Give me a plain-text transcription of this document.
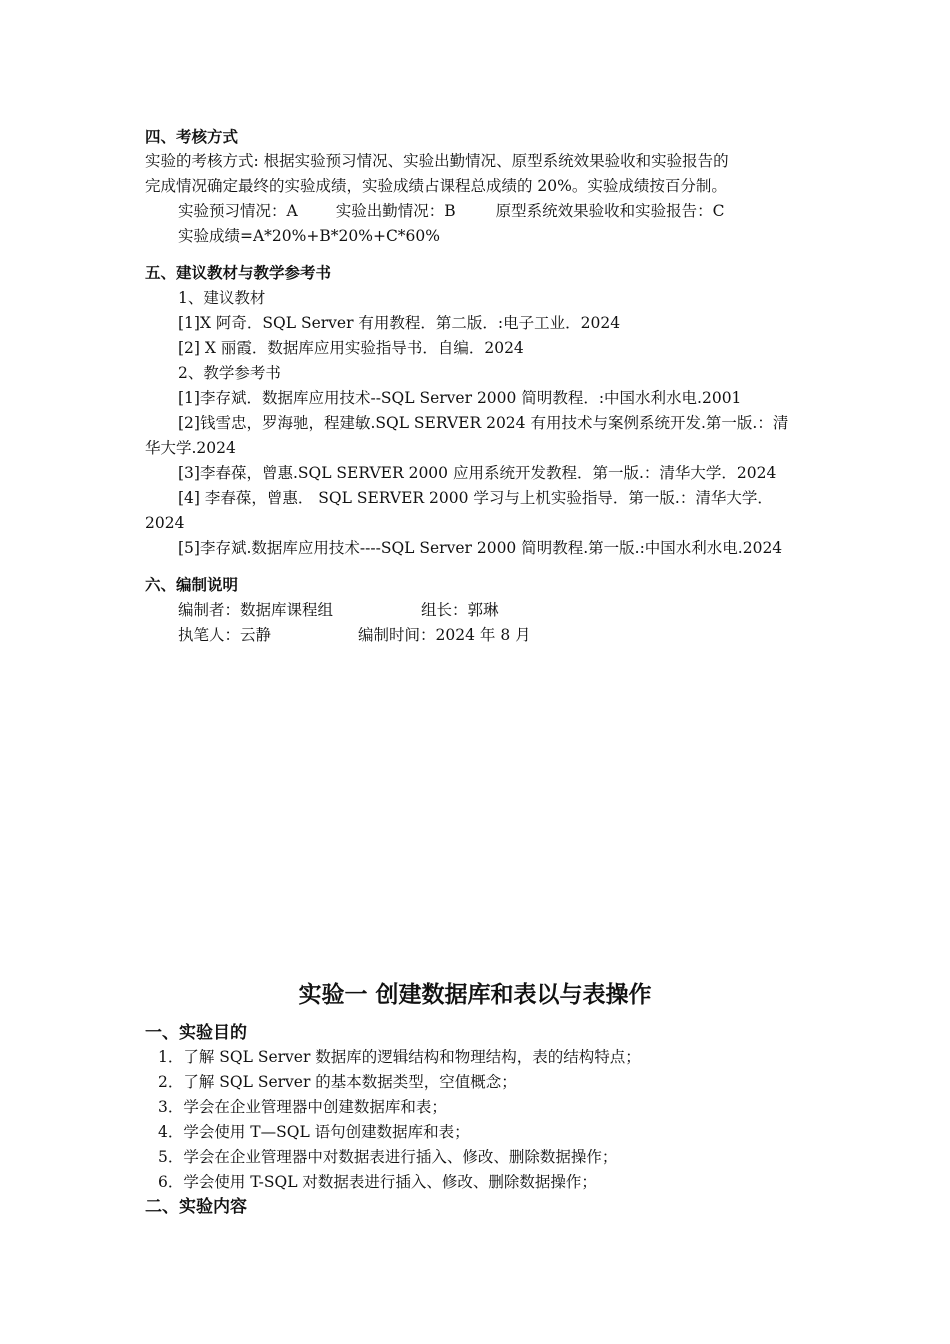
四、考核方式
实验的考核方式: 根据实验预习情况、实验出勤情况、原型系统效果验收和实验报告的
完成情况确定最终的实验成绩，实验成绩占课程总成绩的 20%。实验成绩按百分制。
实验预习情况：A 实验出勤情况：B	原型系统效果验收和实验报告：C
实验成绩=A*20%+B*20%+C*60%
五、建议教材与教学参考书
1、建议教材
[1]X 阿奇．SQL Server 有用教程．第二版．:电子工业．2024
[2] X 丽霞．数据库应用实验指导书．自编．2024
2、教学参考书
[1]李存斌．数据库应用技术--SQL Server 2000 简明教程．:中国水利水电.2001
[2]钱雪忠，罗海驰，程建敏.SQL SERVER 2024 有用技术与案例系统开发.第一版.：清
华大学.2024
[3]李春葆，曾惠.SQL SERVER 2000 应用系统开发教程．第一版.：清华大学．2024
[4] 李春葆，曾惠． SQL SERVER 2000 学习与上机实验指导．第一版.：清华大学．
2024
[5]李存斌.数据库应用技术----SQL Server 2000 简明教程.第一版.:中国水利水电.2024
六、编制说明
编制者：数据库课程组	组长：郭琳
执笔人：云静	编制时间：2024 年 8 月
实验一 创建数据库和表以与表操作
一、实验目的
1．了解 SQL Server 数据库的逻辑结构和物理结构，表的结构特点；
2．了解 SQL Server 的基本数据类型，空值概念；
3．学会在企业管理器中创建数据库和表；
4．学会使用 T—SQL 语句创建数据库和表；
5．学会在企业管理器中对数据表进行插入、修改、删除数据操作；
6．学会使用 T-SQL 对数据表进行插入、修改、删除数据操作；
二、实验内容
